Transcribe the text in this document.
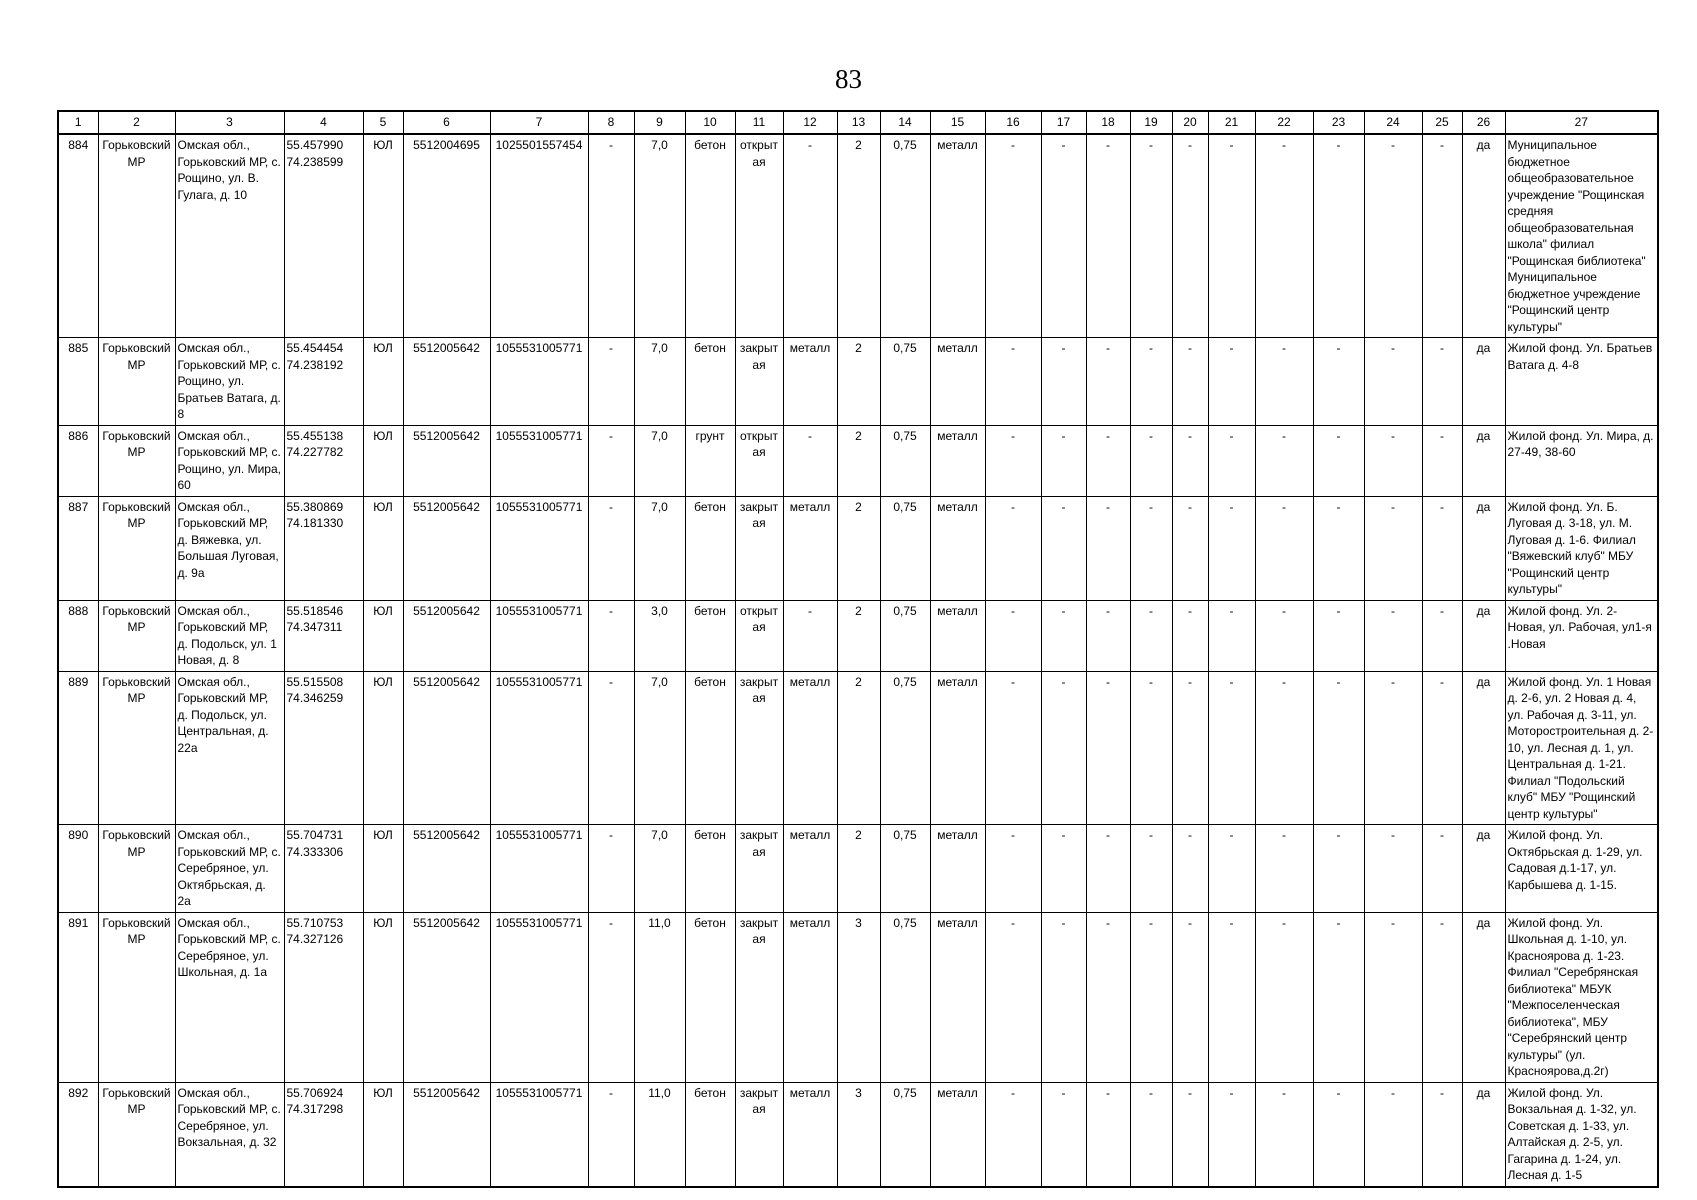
83
1	2	3	4	5	6	7	8	9	10	11	12	13	14	15	16	17	18	19	20	21	22	23	24	25	26	27
884	Горьковский МР	Омская обл., Горьковский МР, с. Рощино, ул. В. Гулага, д. 10	55.457990 74.238599	ЮЛ	5512004695	1025501557454	-	7,0	бетон	открытая	-	2	0,75	металл	-	-	-	-	-	-	-	-	-	-	да	Муниципальное бюджетное общеобразовательное учреждение "Рощинская средняя общеобразовательная школа" филиал "Рощинская библиотека" Муниципальное бюджетное учреждение "Рощинский центр культуры"
885	Горьковский МР	Омская обл., Горьковский МР, с. Рощино, ул. Братьев Ватага, д. 8	55.454454 74.238192	ЮЛ	5512005642	1055531005771	-	7,0	бетон	закрытая	металл	2	0,75	металл	-	-	-	-	-	-	-	-	-	-	да	Жилой фонд. Ул. Братьев Ватага д. 4-8
886	Горьковский МР	Омская обл., Горьковский МР, с. Рощино, ул. Мира, 60	55.455138 74.227782	ЮЛ	5512005642	1055531005771	-	7,0	грунт	открытая	-	2	0,75	металл	-	-	-	-	-	-	-	-	-	-	да	Жилой фонд. Ул. Мира, д. 27-49, 38-60
887	Горьковский МР	Омская обл., Горьковский МР, д. Вяжевка, ул. Большая Луговая, д. 9а	55.380869 74.181330	ЮЛ	5512005642	1055531005771	-	7,0	бетон	закрытая	металл	2	0,75	металл	-	-	-	-	-	-	-	-	-	-	да	Жилой фонд. Ул. Б. Луговая д. 3-18, ул. М. Луговая д. 1-6. Филиал "Вяжевский клуб" МБУ "Рощинский центр культуры"
888	Горьковский МР	Омская обл., Горьковский МР, д. Подольск, ул. 1 Новая, д. 8	55.518546 74.347311	ЮЛ	5512005642	1055531005771	-	3,0	бетон	открытая	-	2	0,75	металл	-	-	-	-	-	-	-	-	-	-	да	Жилой фонд. Ул. 2-Новая, ул. Рабочая, ул1-я .Новая
889	Горьковский МР	Омская обл., Горьковский МР, д. Подольск, ул. Центральная, д. 22а	55.515508 74.346259	ЮЛ	5512005642	1055531005771	-	7,0	бетон	закрытая	металл	2	0,75	металл	-	-	-	-	-	-	-	-	-	-	да	Жилой фонд. Ул. 1 Новая д. 2-6, ул. 2 Новая д. 4, ул. Рабочая д. 3-11, ул. Моторостроительная д. 2-10, ул. Лесная д. 1, ул. Центральная д. 1-21. Филиал "Подольский клуб" МБУ "Рощинский центр культуры"
890	Горьковский МР	Омская обл., Горьковский МР, с. Серебряное, ул. Октябрьская, д. 2а	55.704731 74.333306	ЮЛ	5512005642	1055531005771	-	7,0	бетон	закрытая	металл	2	0,75	металл	-	-	-	-	-	-	-	-	-	-	да	Жилой фонд. Ул. Октябрьская д. 1-29, ул. Садовая д.1-17, ул. Карбышева д. 1-15.
891	Горьковский МР	Омская обл., Горьковский МР, с. Серебряное, ул. Школьная, д. 1а	55.710753 74.327126	ЮЛ	5512005642	1055531005771	-	11,0	бетон	закрытая	металл	3	0,75	металл	-	-	-	-	-	-	-	-	-	-	да	Жилой фонд. Ул. Школьная д. 1-10, ул. Красноярова д. 1-23. Филиал "Серебрянская библиотека" МБУК "Межпоселенческая библиотека", МБУ "Серебрянский центр культуры" (ул. Красноярова,д.2г)
892	Горьковский МР	Омская обл., Горьковский МР, с. Серебряное, ул. Вокзальная, д. 32	55.706924 74.317298	ЮЛ	5512005642	1055531005771	-	11,0	бетон	закрытая	металл	3	0,75	металл	-	-	-	-	-	-	-	-	-	-	да	Жилой фонд. Ул. Вокзальная д. 1-32, ул. Советская д. 1-33, ул. Алтайская д. 2-5, ул. Гагарина д. 1-24, ул. Лесная д. 1-5
